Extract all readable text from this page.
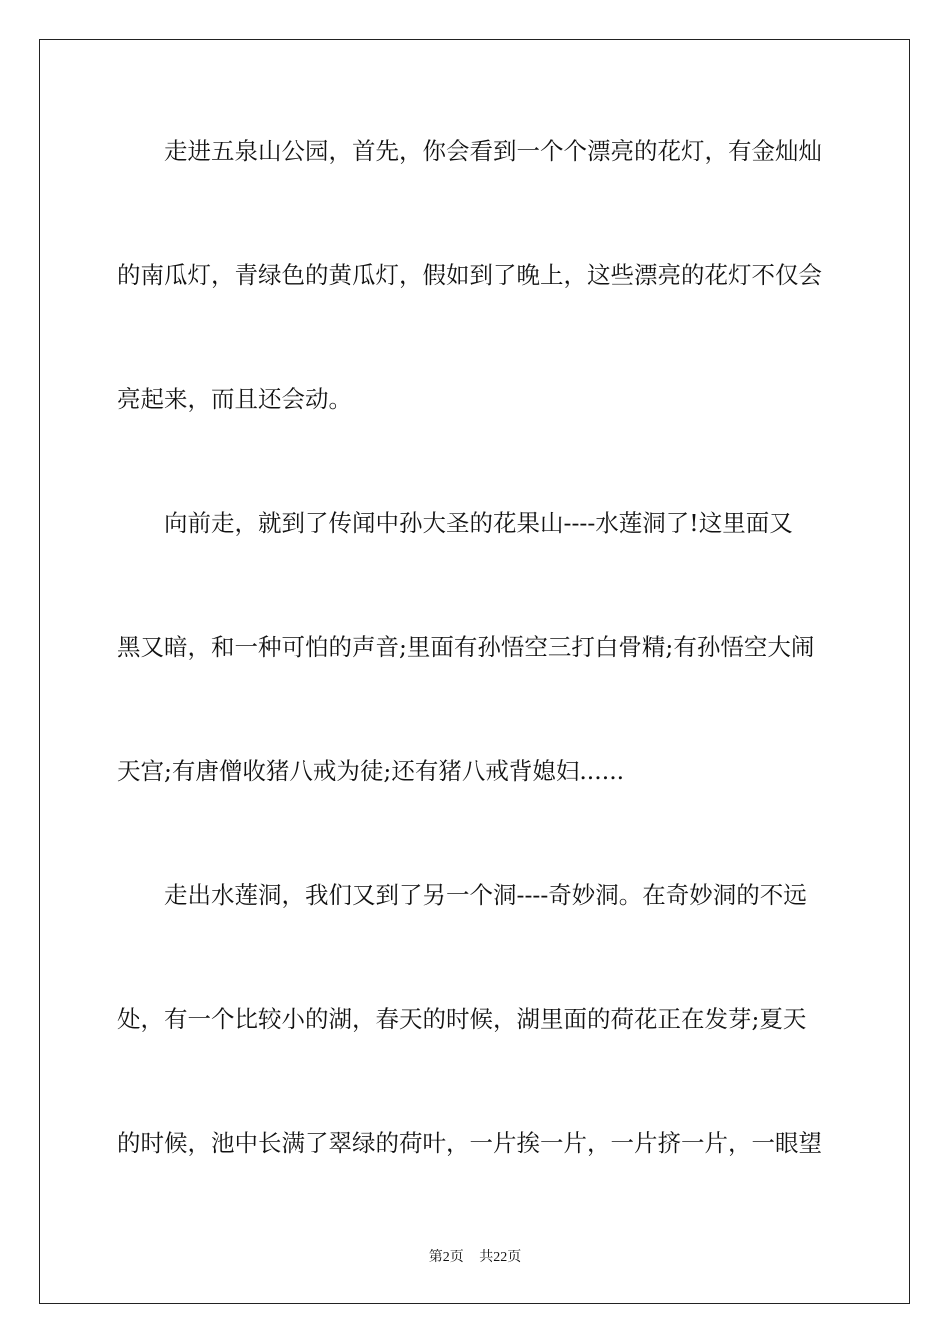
　　走进五泉山公园，首先，你会看到一个个漂亮的花灯，有金灿灿
的南瓜灯，青绿色的黄瓜灯，假如到了晚上，这些漂亮的花灯不仅会
亮起来，而且还会动。
　　向前走，就到了传闻中孙大圣的花果山----水莲洞了!这里面又
黑又暗，和一种可怕的声音;里面有孙悟空三打白骨精;有孙悟空大闹
天宫;有唐僧收猪八戒为徒;还有猪八戒背媳妇......
　　走出水莲洞，我们又到了另一个洞----奇妙洞。在奇妙洞的不远
处，有一个比较小的湖，春天的时候，湖里面的荷花正在发芽;夏天
的时候，池中长满了翠绿的荷叶，一片挨一片，一片挤一片，一眼望
第2页 共22页
